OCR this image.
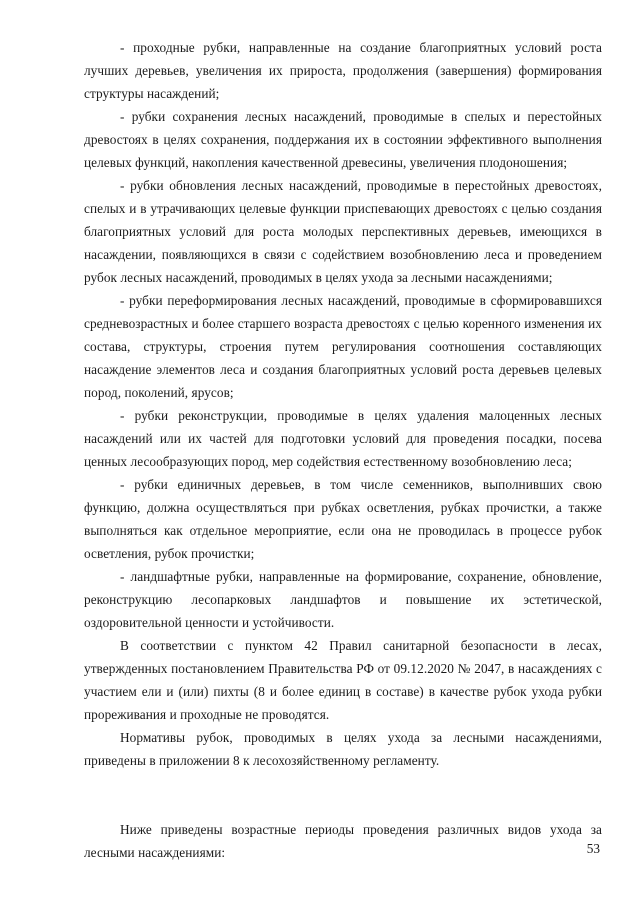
- проходные рубки, направленные на создание благоприятных условий роста лучших деревьев, увеличения их прироста, продолжения (завершения) формирования структуры насаждений;

- рубки сохранения лесных насаждений, проводимые в спелых и перестойных древостоях в целях сохранения, поддержания их в состоянии эффективного выполнения целевых функций, накопления качественной древесины, увеличения плодоношения;

- рубки обновления лесных насаждений, проводимые в перестойных древостоях, спелых и в утрачивающих целевые функции приспевающих древостоях с целью создания благоприятных условий для роста молодых перспективных деревьев, имеющихся в насаждении, появляющихся в связи с содействием возобновлению леса и проведением рубок лесных насаждений, проводимых в целях ухода за лесными насаждениями;

- рубки переформирования лесных насаждений, проводимые в сформировавшихся средневозрастных и более старшего возраста древостоях с целью коренного изменения их состава, структуры, строения путем регулирования соотношения составляющих насаждение элементов леса и создания благоприятных условий роста деревьев целевых пород, поколений, ярусов;

- рубки реконструкции, проводимые в целях удаления малоценных лесных насаждений или их частей для подготовки условий для проведения посадки, посева ценных лесообразующих пород, мер содействия естественному возобновлению леса;

- рубки единичных деревьев, в том числе семенников, выполнивших свою функцию, должна осуществляться при рубках осветления, рубках прочистки, а также выполняться как отдельное мероприятие, если она не проводилась в процессе рубок осветления, рубок прочистки;

- ландшафтные рубки, направленные на формирование, сохранение, обновление, реконструкцию лесопарковых ландшафтов и повышение их эстетической, оздоровительной ценности и устойчивости.

В соответствии с пунктом 42 Правил санитарной безопасности в лесах, утвержденных постановлением Правительства РФ от 09.12.2020 № 2047, в насаждениях с участием ели и (или) пихты (8 и более единиц в составе) в качестве рубок ухода рубки прореживания и проходные не проводятся.

Нормативы рубок, проводимых в целях ухода за лесными насаждениями, приведены в приложении 8 к лесохозяйственному регламенту.

Ниже приведены возрастные периоды проведения различных видов ухода за лесными насаждениями:	53
